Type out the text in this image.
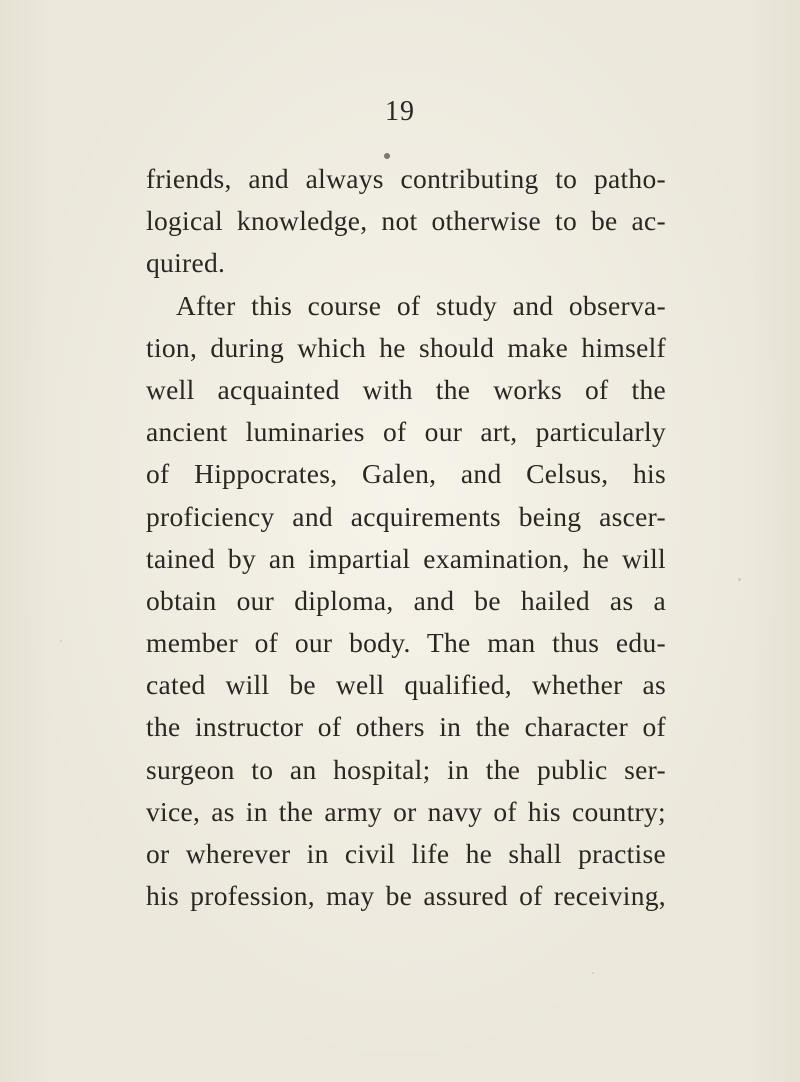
19
friends, and always contributing to patho-
logical knowledge, not otherwise to be ac-
quired.
After this course of study and observa-
tion, during which he should make himself
well acquainted with the works of the
ancient luminaries of our art, particularly
of Hippocrates, Galen, and Celsus, his
proficiency and acquirements being ascer-
tained by an impartial examination, he will
obtain our diploma, and be hailed as a
member of our body. The man thus edu-
cated will be well qualified, whether as
the instructor of others in the character of
surgeon to an hospital; in the public ser-
vice, as in the army or navy of his country;
or wherever in civil life he shall practise
his profession, may be assured of receiving,
